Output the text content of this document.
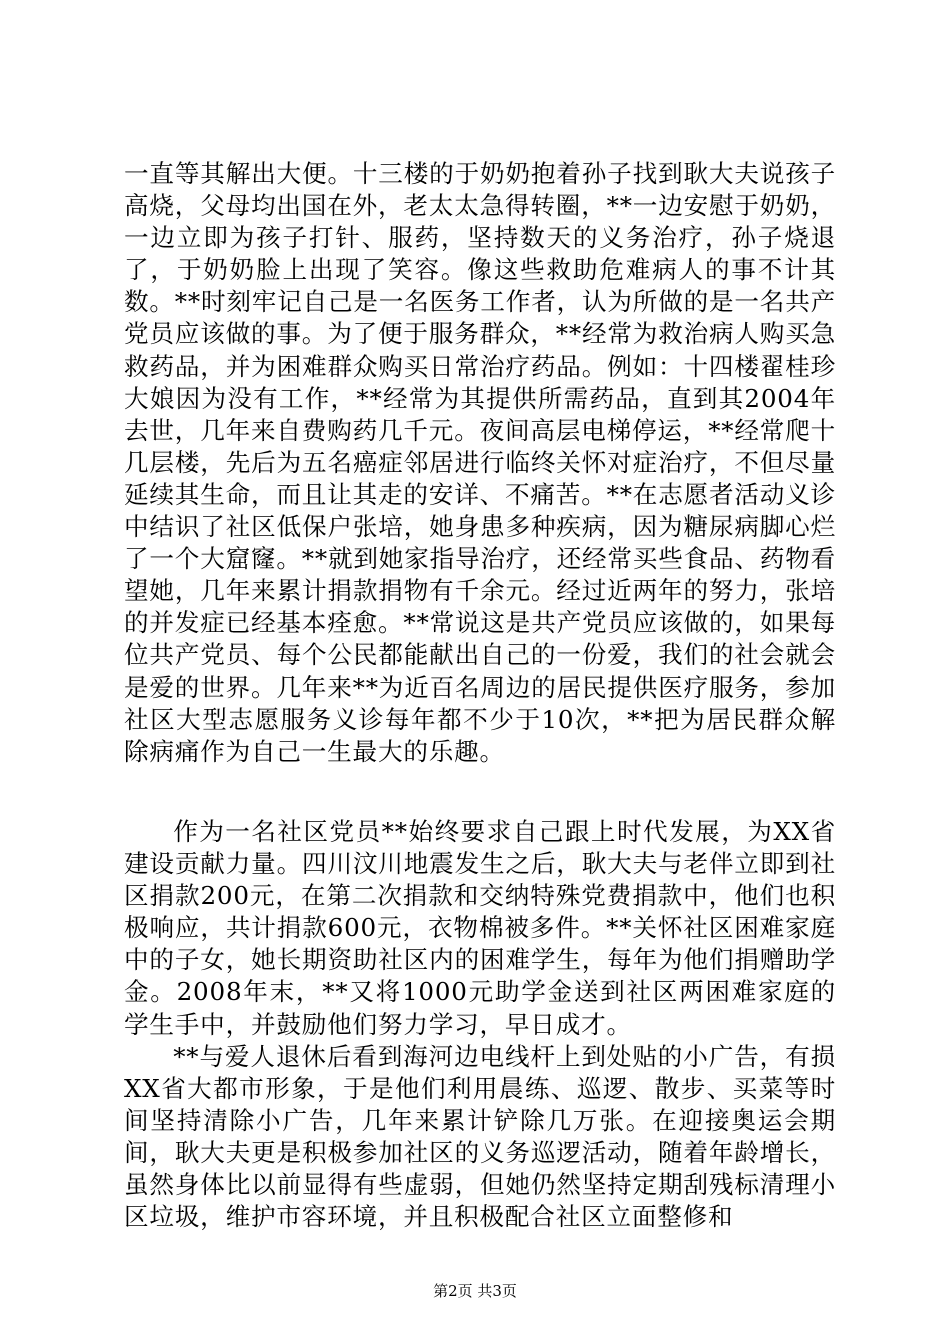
一直等其解出大便。十三楼的于奶奶抱着孙子找到耿大夫说孩子高烧，父母均出国在外，老太太急得转圈，**一边安慰于奶奶，一边立即为孩子打针、服药，坚持数天的义务治疗，孙子烧退了，于奶奶脸上出现了笑容。像这些救助危难病人的事不计其数。**时刻牢记自己是一名医务工作者，认为所做的是一名共产党员应该做的事。为了便于服务群众，**经常为救治病人购买急救药品，并为困难群众购买日常治疗药品。例如：十四楼翟桂珍大娘因为没有工作，**经常为其提供所需药品，直到其2004年去世，几年来自费购药几千元。夜间高层电梯停运，**经常爬十几层楼，先后为五名癌症邻居进行临终关怀对症治疗，不但尽量延续其生命，而且让其走的安详、不痛苦。**在志愿者活动义诊中结识了社区低保户张培，她身患多种疾病，因为糖尿病脚心烂了一个大窟窿。**就到她家指导治疗，还经常买些食品、药物看望她，几年来累计捐款捐物有千余元。经过近两年的努力，张培的并发症已经基本痊愈。**常说这是共产党员应该做的，如果每位共产党员、每个公民都能献出自己的一份爱，我们的社会就会是爱的世界。几年来**为近百名周边的居民提供医疗服务，参加社区大型志愿服务义诊每年都不少于10次，**把为居民群众解除病痛作为自己一生最大的乐趣。

作为一名社区党员**始终要求自己跟上时代发展，为XX省建设贡献力量。四川汶川地震发生之后，耿大夫与老伴立即到社区捐款200元，在第二次捐款和交纳特殊党费捐款中，他们也积极响应，共计捐款600元，衣物棉被多件。**关怀社区困难家庭中的子女，她长期资助社区内的困难学生，每年为他们捐赠助学金。2008年末，**又将1000元助学金送到社区两困难家庭的学生手中，并鼓励他们努力学习，早日成才。

**与爱人退休后看到海河边电线杆上到处贴的小广告，有损XX省大都市形象，于是他们利用晨练、巡逻、散步、买菜等时间坚持清除小广告，几年来累计铲除几万张。在迎接奥运会期间，耿大夫更是积极参加社区的义务巡逻活动，随着年龄增长，虽然身体比以前显得有些虚弱，但她仍然坚持定期刮残标清理小区垃圾，维护市容环境，并且积极配合社区立面整修和

第2页 共3页
